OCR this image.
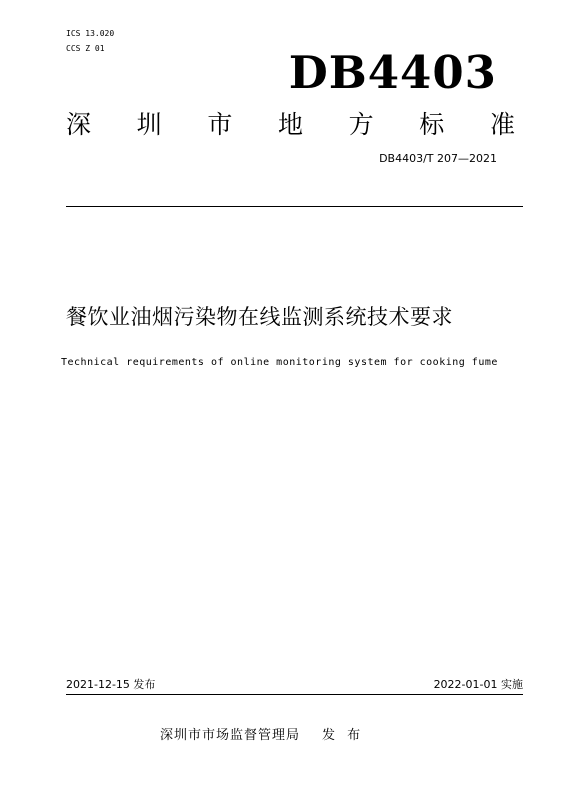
ICS 13.020
CCS Z 01	DB4403
深 圳 市 地 方 标 准
DB4403/T 207—2021
餐饮业油烟污染物在线监测系统技术要求
Technical requirements of online monitoring system for cooking fume
2021-12-15 发布	2022-01-01 实施
深圳市市场监督管理局 发 布
